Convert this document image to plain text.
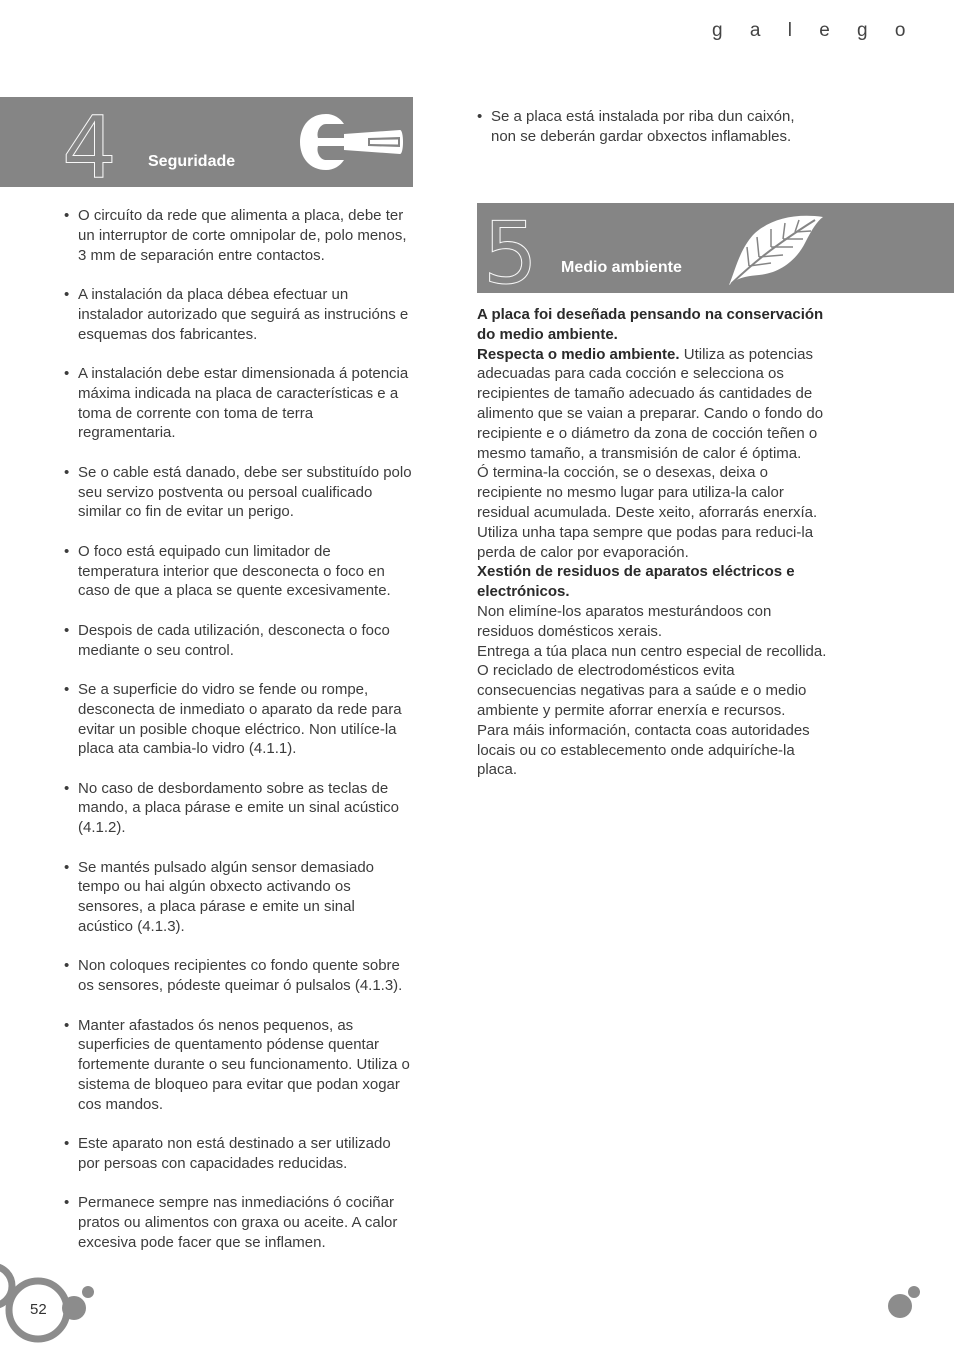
g a l e g o
4 Seguridade
• O circuíto da rede que alimenta a placa, debe ter un interruptor de corte omnipolar de, polo menos, 3 mm de separación entre contactos.
• A instalación da placa débea efectuar un instalador autorizado que seguirá as instrucións e esquemas dos fabricantes.
• A instalación debe estar dimensionada á potencia máxima indicada na placa de características e a toma de corrente con toma de terra regramentaria.
• Se o cable está danado, debe ser substituído polo seu servizo postventa ou persoal cualificado similar co fin de evitar un perigo.
• O foco está equipado cun limitador de temperatura interior que desconecta o foco en caso de que a placa se quente excesivamente.
• Despois de cada utilización, desconecta o foco mediante o seu control.
• Se a superficie do vidro se fende ou rompe, desconecta de inmediato o aparato da rede para evitar un posible choque eléctrico. Non utilíce-la placa ata cambia-lo vidro (4.1.1).
• No caso de desbordamento sobre as teclas de mando, a placa párase e emite un sinal acústico (4.1.2).
• Se mantés pulsado algún sensor demasiado tempo ou hai algún obxecto activando os sensores, a placa párase e emite un sinal acústico (4.1.3).
• Non coloques recipientes co fondo quente sobre os sensores, pódeste queimar ó pulsalos (4.1.3).
• Manter afastados ós nenos pequenos, as superficies de quentamento pódense quentar fortemente durante o seu funcionamento. Utiliza o sistema de bloqueo para evitar que podan xogar cos mandos.
• Este aparato non está destinado a ser utilizado por persoas con capacidades reducidas.
• Permanece sempre nas inmediacións ó cociñar pratos ou alimentos con graxa ou aceite. A calor excesiva pode facer que se inflamen.
• Se a placa está instalada por riba dun caixón, non se deberán gardar obxectos inflamables.
5 Medio ambiente

A placa foi deseñada pensando na conservación do medio ambiente.

Respecta o medio ambiente. Utiliza as potencias adecuadas para cada cocción e selecciona os recipientes de tamaño adecuado ás cantidades de alimento que se vaian a preparar. Cando o fondo do recipiente e o diámetro da zona de cocción teñen o mesmo tamaño, a transmisión de calor é óptima.

Ó termina-la cocción, se o desexas, deixa o recipiente no mesmo lugar para utiliza-la calor residual acumulada. Deste xeito, aforrarás enerxía.

Utiliza unha tapa sempre que podas para reduci-la perda de calor por evaporación.

Xestión de residuos de aparatos eléctricos e electrónicos.

Non elimíne-los aparatos mesturándoos con residuos domésticos xerais.

Entrega a túa placa nun centro especial de recollida.

O reciclado de electrodomésticos evita consecuencias negativas para a saúde e o medio ambiente y permite aforrar enerxía e recursos.

Para máis información, contacta coas autoridades locais ou co establecemento onde adquiríche-la placa.

52
